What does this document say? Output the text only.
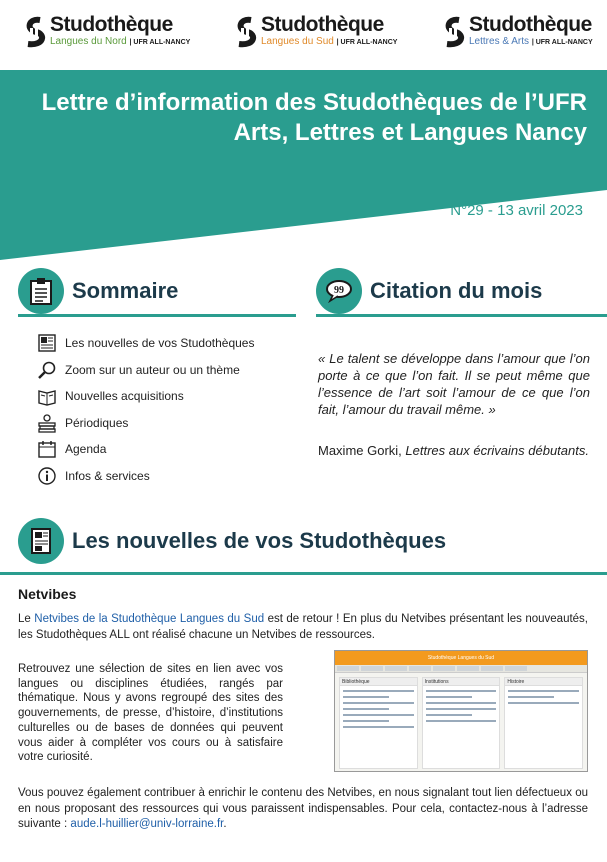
Studothèque
Langues du Nord | UFR ALL-NANCY
Studothèque
Langues du Sud | UFR ALL-NANCY
Studothèque
Lettres & Arts | UFR ALL-NANCY
Lettre d’information des Studothèques de l’UFR Arts, Lettres et Langues Nancy
N°29 - 13 avril 2023
Sommaire
Les nouvelles de vos Studothèques
Zoom sur un auteur ou un thème
Nouvelles acquisitions
Périodiques
Agenda
Infos & services
99 Citation du mois

« Le talent se développe dans l’amour que l’on porte à ce que l’on fait. Il se peut même que l’essence de l’art soit l’amour de ce que l’on fait, l’amour du travail même. »

Maxime Gorki, Lettres aux écrivains débutants.

Les nouvelles de vos Studothèques
Netvibes

Le Netvibes de la Studothèque Langues du Sud est de retour ! En plus du Netvibes présentant les nouveautés, les Studothèques ALL ont réalisé chacune un Netvibes de ressources.

Retrouvez une sélection de sites en lien avec vos langues ou disciplines étudiées, rangés par thématique. Nous y avons regroupé des sites des gouvernements, de presse, d’histoire, d’institutions culturelles ou de bases de données qui peuvent vous aider à compléter vos cours ou à satisfaire votre curiosité.

Studothèque Langues du Sud
Bibliothèque	Institutions	Histoire

Vous pouvez également contribuer à enrichir le contenu des Netvibes, en nous signalant tout lien défectueux ou en nous proposant des ressources qui vous paraissent indispensables. Pour cela, contactez-nous à l’adresse suivante : aude.l-huillier@univ-lorraine.fr.
